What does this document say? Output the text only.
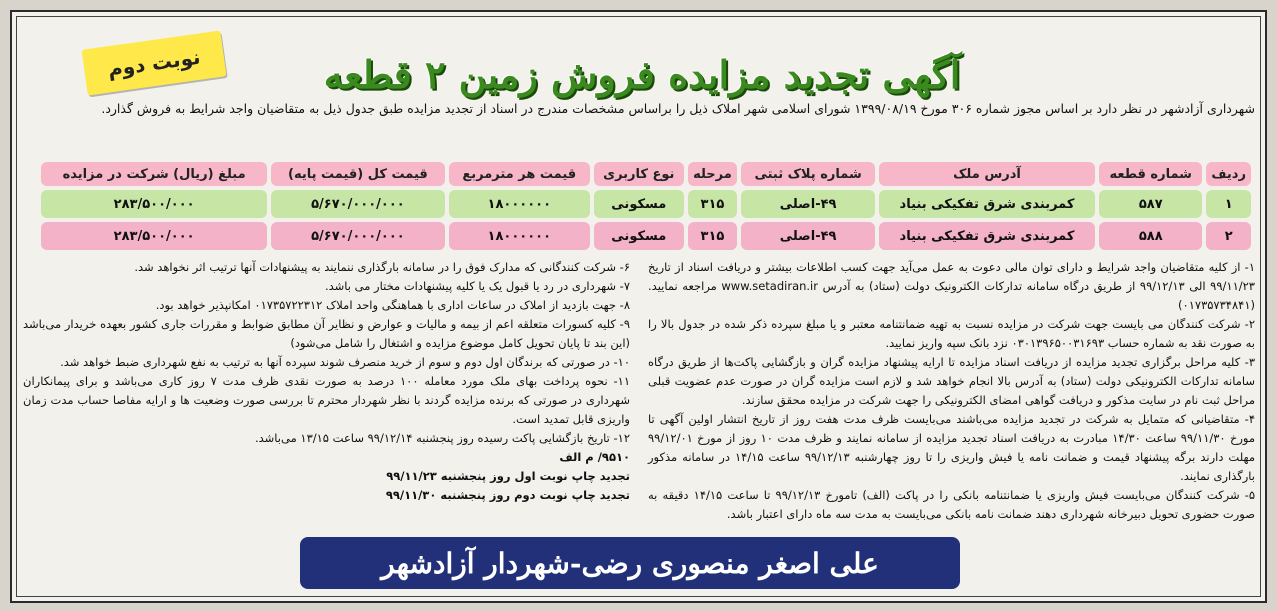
نوبت دوم	آگهی تجدید مزایده فروش زمین ۲ قطعه
شهرداری آزادشهر در نظر دارد بر اساس مجوز شماره ۳۰۶ مورخ ۱۳۹۹/۰۸/۱۹ شورای اسلامی شهر املاک ذیل را براساس مشخصات مندرج در اسناد از تجدید مزایده طبق جدول ذیل به متقاضیان واجد شرایط به فروش گذارد.
ردیف	شماره قطعه	آدرس ملک	شماره پلاک ثبتی	مرحله	نوع کاربری	قیمت هر مترمربع	قیمت کل (قیمت پایه)	مبلغ (ریال) شرکت در مزایده
۱	۵۸۷	کمربندی شرق تفکیکی بنیاد	۴۹-اصلی	۳۱۵	مسکونی	۱۸۰۰۰۰۰۰	۵/۶۷۰/۰۰۰/۰۰۰	۲۸۳/۵۰۰/۰۰۰
۲	۵۸۸	کمربندی شرق تفکیکی بنیاد	۴۹-اصلی	۳۱۵	مسکونی	۱۸۰۰۰۰۰۰	۵/۶۷۰/۰۰۰/۰۰۰	۲۸۳/۵۰۰/۰۰۰

۱- از کلیه متقاضیان واجد شرایط و دارای توان مالی دعوت به عمل می‌آید جهت کسب اطلاعات بیشتر و دریافت اسناد از تاریخ ۹۹/۱۱/۲۳ الی ۹۹/۱۲/۱۳ از طریق درگاه سامانه تدارکات الکترونیک دولت (ستاد) به آدرس www.setadiran.ir مراجعه نمایید. (۰۱۷۳۵۷۳۴۸۴۱)

۲- شرکت کنندگان می بایست جهت شرکت در مزایده نسبت به تهیه ضمانتنامه معتبر و یا مبلغ سپرده ذکر شده در جدول بالا را به صورت نقد به شماره حساب ۰۳۰۱۳۹۶۵۰۰۳۱۶۹۳ نزد بانک سپه واریز نمایید.

۳- کلیه مراحل برگزاری تجدید مزایده از دریافت اسناد مزایده تا ارایه پیشنهاد مزایده گران و بازگشایی پاکت‌ها از طریق درگاه سامانه تدارکات الکترونیکی دولت (ستاد) به آدرس بالا انجام خواهد شد و لازم است مزایده گران در صورت عدم عضویت قبلی مراحل ثبت نام در سایت مذکور و دریافت گواهی امضای الکترونیکی را جهت شرکت در مزایده محقق سازند.

۴- متقاضیانی که متمایل به شرکت در تجدید مزایده می‌باشند می‌بایست ظرف مدت هفت روز از تاریخ انتشار اولین آگهی تا مورخ ۹۹/۱۱/۳۰ ساعت ۱۴/۳۰ مبادرت به دریافت اسناد تجدید مزایده از سامانه نمایند و ظرف مدت ۱۰ روز از مورخ ۹۹/۱۲/۰۱ مهلت دارند برگه پیشنهاد قیمت و ضمانت نامه یا فیش واریزی را تا روز چهارشنبه ۹۹/۱۲/۱۳ ساعت ۱۴/۱۵ در سامانه مذکور بارگذاری نمایند.

۵- شرکت کنندگان می‌بایست فیش واریزی یا ضمانتنامه بانکی را در پاکت (الف) تامورخ ۹۹/۱۲/۱۳ تا ساعت ۱۴/۱۵ دقیقه به صورت حضوری تحویل دبیرخانه شهرداری دهند ضمانت نامه بانکی می‌بایست به مدت سه ماه دارای اعتبار باشد.

۶- شرکت کنندگانی که مدارک فوق را در سامانه بارگذاری ننمایند به پیشنهادات آنها ترتیب اثر نخواهد شد.

۷- شهرداری در رد یا قبول یک یا کلیه پیشنهادات مختار می باشد.

۸- جهت بازدید از املاک در ساعات اداری با هماهنگی واحد املاک ۰۱۷۳۵۷۲۲۳۱۲ امکانپذیر خواهد بود.

۹- کلیه کسورات متعلقه اعم از بیمه و مالیات و عوارض و نظایر آن مطابق ضوابط و مقررات جاری کشور بعهده خریدار می‌باشد (این بند تا پایان تحویل کامل موضوع مزایده و اشتغال را شامل می‌شود)

۱۰- در صورتی که برندگان اول دوم و سوم از خرید منصرف شوند سپرده آنها به ترتیب به نفع شهرداری ضبط خواهد شد.

۱۱- نحوه پرداخت بهای ملک مورد معامله ۱۰۰ درصد به صورت نقدی ظرف مدت ۷ روز کاری می‌باشد و برای پیمانکاران شهرداری در صورتی که برنده مزایده گردند با نظر شهردار محترم تا بررسی صورت وضعیت ها و ارایه مفاصا حساب مدت زمان واریزی قابل تمدید است.

۱۲- تاریخ بازگشایی پاکت رسیده روز پنجشنبه ۹۹/۱۲/۱۴ ساعت ۱۳/۱۵ می‌باشد.

۹۵۱۰/ م الف

تجدید چاپ نوبت اول روز پنجشنبه ۹۹/۱۱/۲۳

تجدید چاپ نوبت دوم روز پنجشنبه ۹۹/۱۱/۳۰

علی اصغر منصوری رضی-شهردار آزادشهر
